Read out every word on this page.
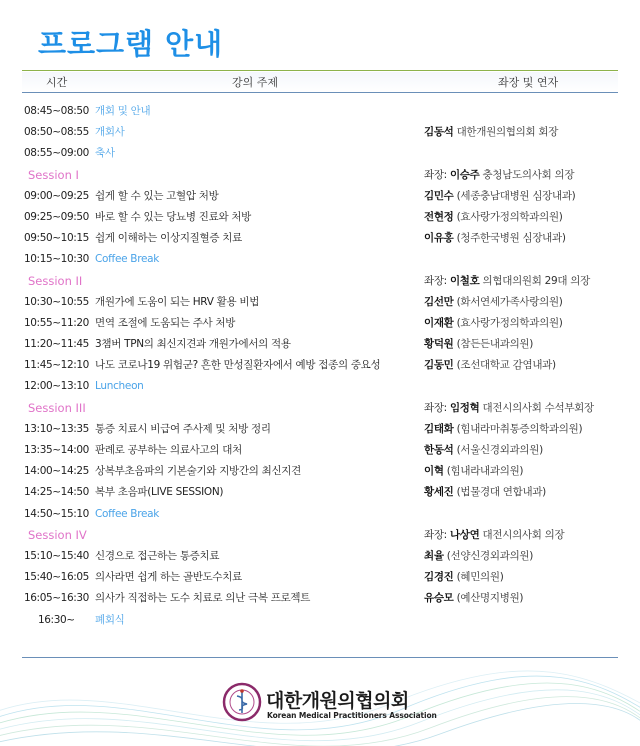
프로그램 안내
시간	강의 주제	좌장 및 연자
08:45~08:50 개회 및 안내
08:50~08:55 개회사	김동석 대한개원의협의회 회장
08:55~09:00 축사
Session I	좌장: 이승주 충청남도의사회 의장
09:00~09:25 쉽게 할 수 있는 고혈압 처방	김민수 (세종충남대병원 심장내과)
09:25~09:50 바로 할 수 있는 당뇨병 진료와 처방	전현정 (효사랑가정의학과의원)
09:50~10:15 쉽게 이해하는 이상지질혈증 치료	이유홍 (청주한국병원 심장내과)
10:15~10:30 Coffee Break
Session II	좌장: 이철호 의협대의원회 29대 의장
10:30~10:55 개원가에 도움이 되는 HRV 활용 비법	김선만 (화서연세가족사랑의원)
10:55~11:20 면역 조절에 도움되는 주사 처방	이재환 (효사랑가정의학과의원)
11:20~11:45 3챔버 TPN의 최신지견과 개원가에서의 적용	황덕원 (참든든내과의원)
11:45~12:10 나도 코로나19 위험군? 흔한 만성질환자에서 예방 접종의 중요성	김동민 (조선대학교 감염내과)
12:00~13:10 Luncheon
Session III	좌장: 임정혁 대전시의사회 수석부회장
13:10~13:35 통증 치료시 비급여 주사제 및 처방 정리	김태화 (힘내라마취통증의학과의원)
13:35~14:00 판례로 공부하는 의료사고의 대처	한동석 (서울신경외과의원)
14:00~14:25 상복부초음파의 기본술기와 지방간의 최신지견	이혁 (힘내라내과의원)
14:25~14:50 복부 초음파(LIVE SESSION)	황세진 (법물경대 연합내과)
14:50~15:10 Coffee Break
Session IV	좌장: 나상연 대전시의사회 의장
15:10~15:40 신경으로 접근하는 통증치료	최율 (선양신경외과의원)
15:40~16:05 의사라면 쉽게 하는 골반도수치료	김경진 (혜민의원)
16:05~16:30 의사가 직접하는 도수 치료로 의난 극복 프로젝트	유승모 (예산명지병원)
16:30~ 폐회식
대한개원의협의회
Korean Medical Practitioners Association
